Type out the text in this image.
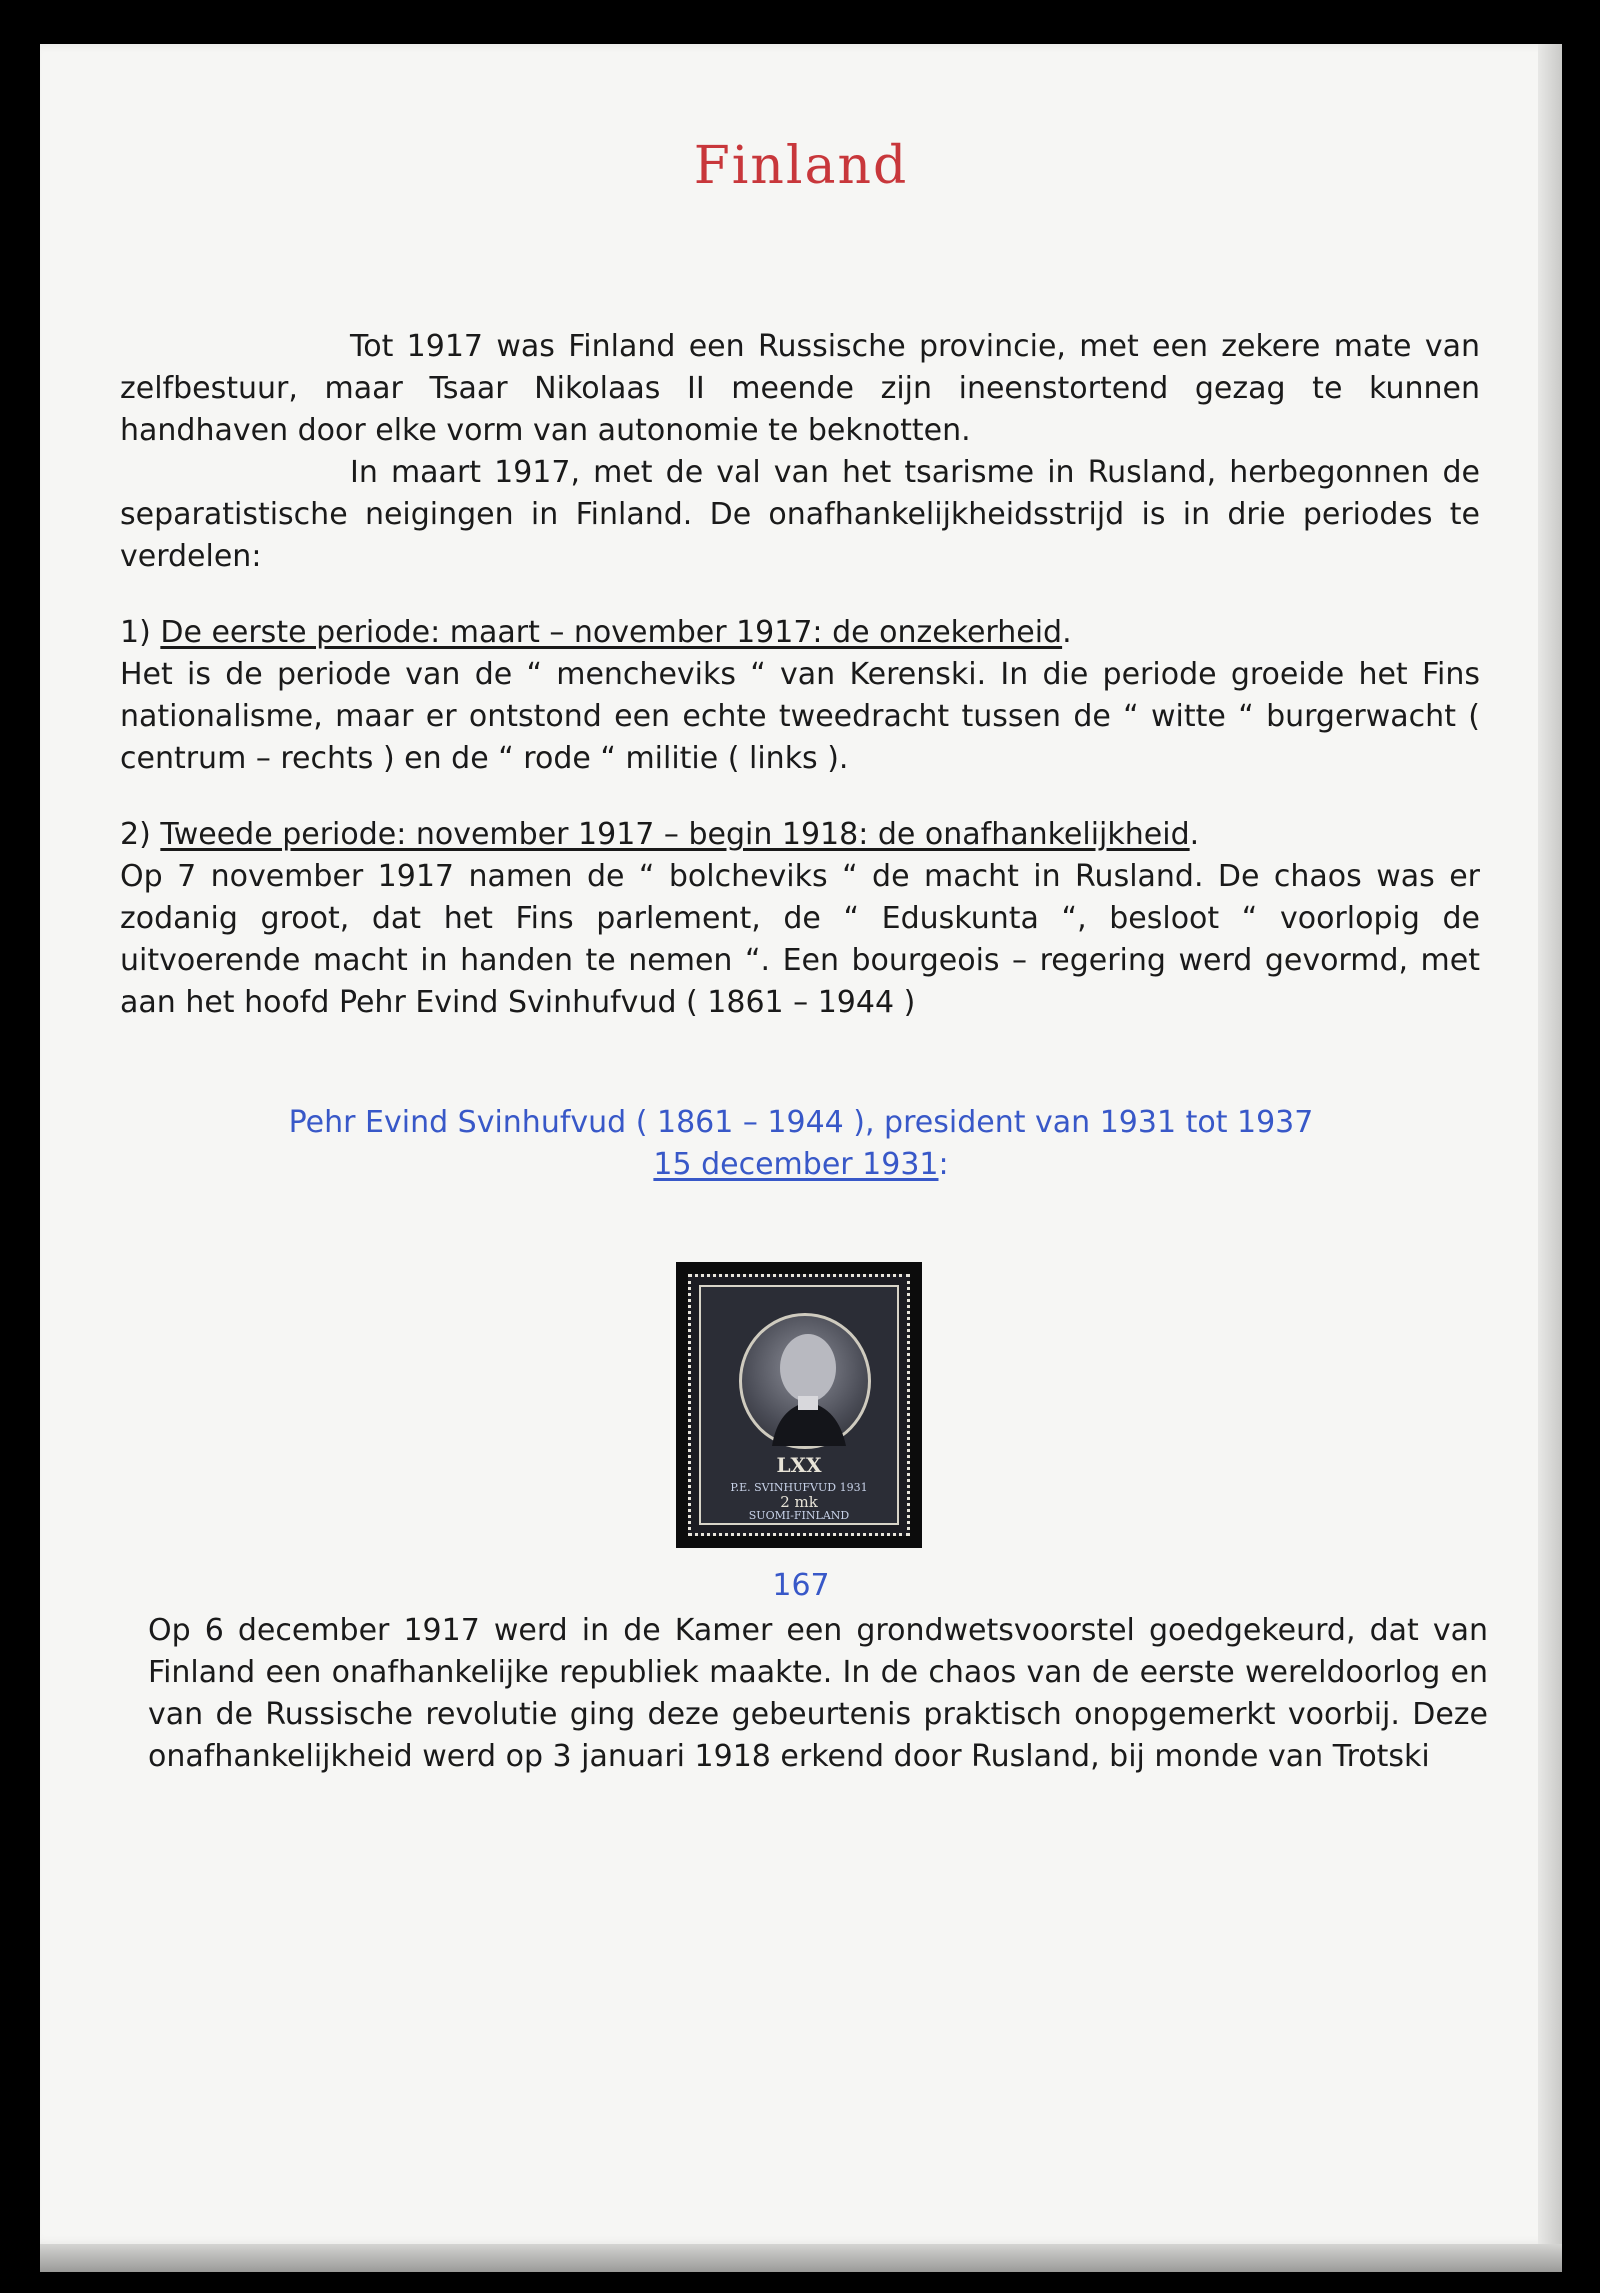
Finland

Tot 1917 was Finland een Russische provincie, met een zekere mate van zelfbestuur, maar Tsaar Nikolaas II meende zijn ineenstortend gezag te kunnen handhaven door elke vorm van autonomie te beknotten.

In maart 1917, met de val van het tsarisme in Rusland, herbegonnen de separatistische neigingen in Finland. De onafhankelijkheidsstrijd is in drie periodes te verdelen:

1) De eerste periode: maart – november 1917: de onzekerheid.

Het is de periode van de “ mencheviks “ van Kerenski. In die periode groeide het Fins nationalisme, maar er ontstond een echte tweedracht tussen de “ witte “ burgerwacht ( centrum – rechts ) en de “ rode “ militie ( links ).

2) Tweede periode: november 1917 – begin 1918: de onafhankelijkheid.

Op 7 november 1917 namen de “ bolcheviks “ de macht in Rusland. De chaos was er zodanig groot, dat het Fins parlement, de “ Eduskunta “, besloot “ voorlopig de uitvoerende macht in handen te nemen “. Een bourgeois – regering werd gevormd, met aan het hoofd Pehr Evind Svinhufvud ( 1861 – 1944 )

Pehr Evind Svinhufvud ( 1861 – 1944 ), president van 1931 tot 1937
15 december 1931:
LXX
P.E. SVINHUFVUD 1931
2 mk
SUOMI-FINLAND
167

Op 6 december 1917 werd in de Kamer een grondwetsvoorstel goedgekeurd, dat van Finland een onafhankelijke republiek maakte. In de chaos van de eerste wereldoorlog en van de Russische revolutie ging deze gebeurtenis praktisch onopgemerkt voorbij. Deze onafhankelijkheid werd op 3 januari 1918 erkend door Rusland, bij monde van Trotski
